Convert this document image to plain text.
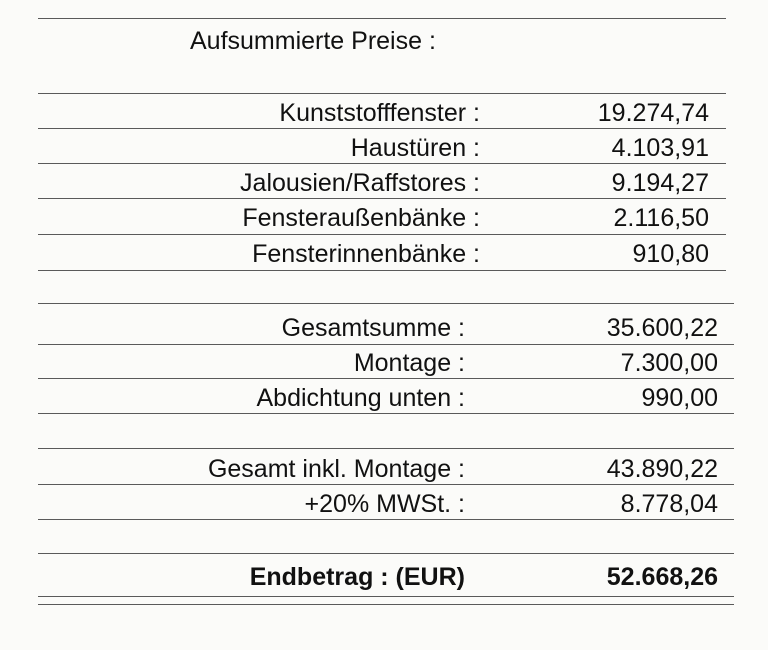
Aufsummierte Preise :
Kunststofffenster :	19.274,74
Haustüren :	4.103,91
Jalousien/Raffstores :	9.194,27
Fensteraußenbänke :	2.116,50
Fensterinnenbänke :	910,80
Gesamtsumme :	35.600,22
Montage :	7.300,00
Abdichtung unten :	990,00
Gesamt inkl. Montage :	43.890,22
+20% MWSt. :	8.778,04
Endbetrag : (EUR)	52.668,26
